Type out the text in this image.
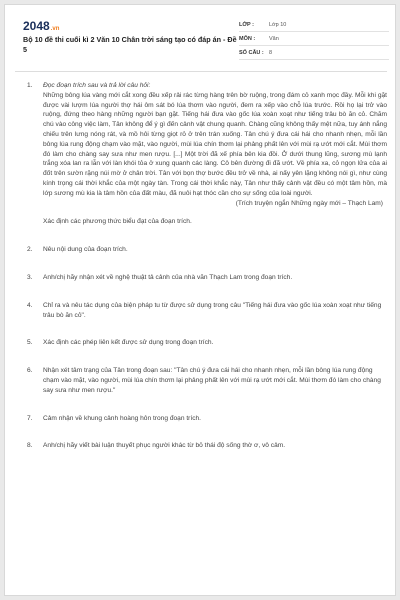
2048.vn
Bộ 10 đề thi cuối kì 2 Văn 10 Chân trời sáng tạo có đáp án - Đề 5
LỚP :	Lớp 10
MÔN :	Văn
SỐ CÂU : 8
1. Đọc đoạn trích sau và trả lời câu hỏi:
Những bông lúa vàng mới cắt xong đều xếp rải rác từng hàng trên bờ ruộng, trong đám cỏ xanh mọc đầy. Mỗi khi gặt được vài lượm lúa người thợ hái ôm sát bó lúa thơm vào người, đem ra xếp vào chỗ lúa trước. Rồi họ lại trở vào ruộng, đứng theo hàng những người bạn gặt. Tiếng hái đưa vào gốc lúa xoàn xoạt như tiếng trâu bò ăn cỏ. Chăm chú vào công việc làm, Tân không để ý gì đến cảnh vật chung quanh. Chàng cũng không thấy mệt nữa, tuy ánh nắng chiếu trên lưng nóng rát, và mồ hôi từng giọt rỏ ở trên trán xuống. Tân chú ý đưa cái hái cho nhanh nhẹn, mỗi lần bông lúa rung động chạm vào mặt, vào người, mùi lúa chín thơm lại phảng phất lên với mùi rạ ướt mới cắt. Mùi thơm đó làm cho chàng say sưa như men rượu. [...] Một trời đã xế phía bên kia đồi. Ở dưới thung lũng, sương mù lạnh trắng xóa lan ra lẫn với làn khói tỏa ở xung quanh các làng. Cô bên đường đi đã ướt. Về phía xa, cỏ ngọn lửa của ai đốt trên sườn rặng núi mờ ở chân trời. Tân với bọn thợ bước đều trở về nhà, ai nấy yên lặng không nói gì, như cùng kính trọng cái thời khắc của một ngày tàn. Trong cái thời khắc này, Tân như thấy cảnh vật đều có một tâm hồn, mà lớp sương mù kia là tâm hồn của đất màu, đã nuôi hạt thóc cần cho sự sống của loài người.
(Trích truyện ngắn Những ngày mới – Thạch Lam)
Xác định các phương thức biểu đạt của đoạn trích.
2. Nêu nội dung của đoạn trích.
3. Anh/chị hãy nhận xét về nghệ thuật tả cảnh của nhà văn Thạch Lam trong đoạn trích.
4. Chỉ ra và nêu tác dụng của biện pháp tu từ được sử dụng trong câu "Tiếng hái đưa vào gốc lúa xoàn xoạt như tiếng trâu bò ăn cỏ".
5. Xác định các phép liên kết được sử dụng trong đoạn trích.
6. Nhận xét tâm trạng của Tân trong đoạn sau: "Tân chú ý đưa cái hái cho nhanh nhẹn, mỗi lần bông lúa rung động chạm vào mặt, vào người, mùi lúa chín thơm lại phảng phất lên với mùi rạ ướt mới cắt. Mùi thơm đó làm cho chàng say sưa như men rượu."
7. Cảm nhận về khung cảnh hoàng hôn trong đoạn trích.
8. Anh/chị hãy viết bài luận thuyết phục người khác từ bỏ thái độ sống thờ ơ, vô cảm.
